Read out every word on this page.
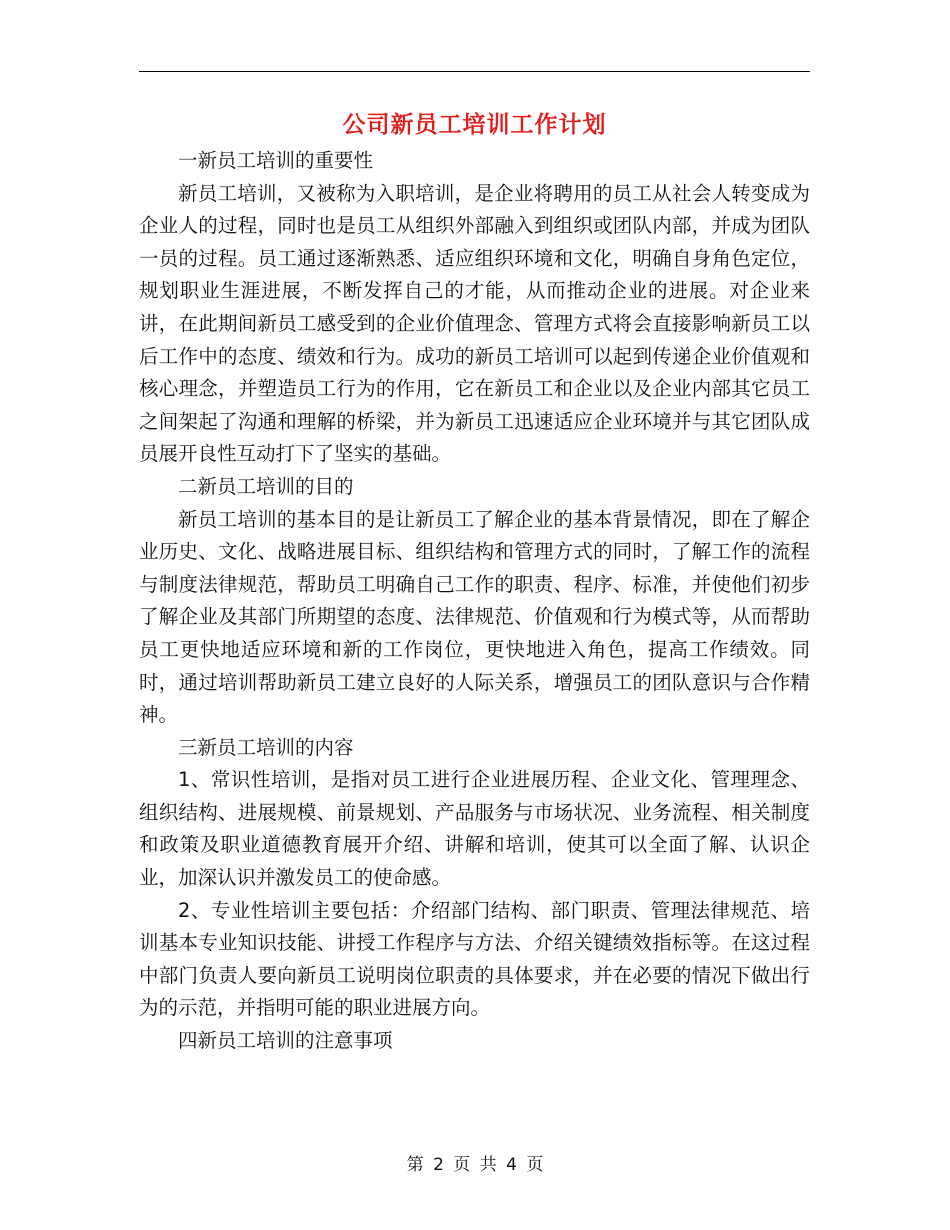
公司新员工培训工作计划

一新员工培训的重要性

新员工培训，又被称为入职培训，是企业将聘用的员工从社会人转变成为企业人的过程，同时也是员工从组织外部融入到组织或团队内部，并成为团队一员的过程。员工通过逐渐熟悉、适应组织环境和文化，明确自身角色定位，规划职业生涯进展，不断发挥自己的才能，从而推动企业的进展。对企业来讲，在此期间新员工感受到的企业价值理念、管理方式将会直接影响新员工以后工作中的态度、绩效和行为。成功的新员工培训可以起到传递企业价值观和核心理念，并塑造员工行为的作用，它在新员工和企业以及企业内部其它员工之间架起了沟通和理解的桥梁，并为新员工迅速适应企业环境并与其它团队成员展开良性互动打下了坚实的基础。

二新员工培训的目的

新员工培训的基本目的是让新员工了解企业的基本背景情况，即在了解企业历史、文化、战略进展目标、组织结构和管理方式的同时，了解工作的流程与制度法律规范，帮助员工明确自己工作的职责、程序、标准，并使他们初步了解企业及其部门所期望的态度、法律规范、价值观和行为模式等，从而帮助员工更快地适应环境和新的工作岗位，更快地进入角色，提高工作绩效。同时，通过培训帮助新员工建立良好的人际关系，增强员工的团队意识与合作精神。

三新员工培训的内容

1、常识性培训，是指对员工进行企业进展历程、企业文化、管理理念、组织结构、进展规模、前景规划、产品服务与市场状况、业务流程、相关制度和政策及职业道德教育展开介绍、讲解和培训，使其可以全面了解、认识企业，加深认识并激发员工的使命感。

2、专业性培训主要包括：介绍部门结构、部门职责、管理法律规范、培训基本专业知识技能、讲授工作程序与方法、介绍关键绩效指标等。在这过程中部门负责人要向新员工说明岗位职责的具体要求，并在必要的情况下做出行为的示范，并指明可能的职业进展方向。

四新员工培训的注意事项

第 2 页 共 4 页
